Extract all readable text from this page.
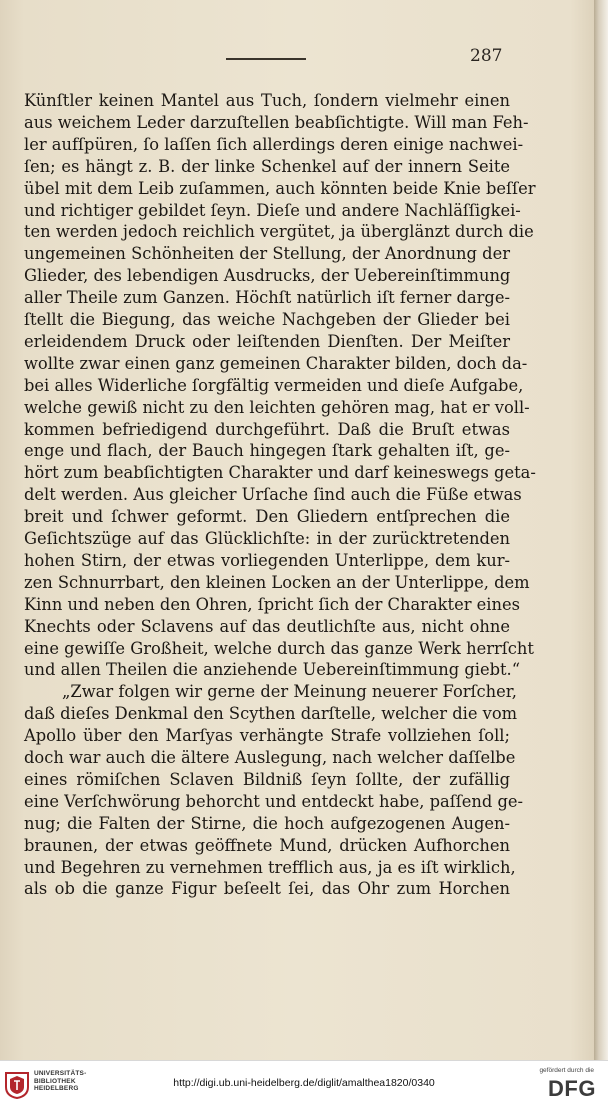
287
Künſtler keinen Mantel aus Tuch, ſondern vielmehr einen
aus weichem Leder darzuſtellen beabſichtigte. Will man Feh-
ler aufſpüren, ſo laſſen ſich allerdings deren einige nachwei-
ſen; es hängt z. B. der linke Schenkel auf der innern Seite
übel mit dem Leib zuſammen, auch könnten beide Knie beſſer
und richtiger gebildet ſeyn. Dieſe und andere Nachläſſigkei-
ten werden jedoch reichlich vergütet, ja überglänzt durch die
ungemeinen Schönheiten der Stellung, der Anordnung der
Glieder, des lebendigen Ausdrucks, der Uebereinſtimmung
aller Theile zum Ganzen. Höchſt natürlich iſt ferner darge-
ſtellt die Biegung, das weiche Nachgeben der Glieder bei
erleidendem Druck oder leiſtenden Dienſten. Der Meiſter
wollte zwar einen ganz gemeinen Charakter bilden, doch da-
bei alles Widerliche ſorgfältig vermeiden und dieſe Aufgabe,
welche gewiß nicht zu den leichten gehören mag, hat er voll-
kommen befriedigend durchgeführt. Daß die Bruſt etwas
enge und flach, der Bauch hingegen ſtark gehalten iſt, ge-
hört zum beabſichtigten Charakter und darf keineswegs geta-
delt werden. Aus gleicher Urſache ſind auch die Füße etwas
breit und ſchwer geformt. Den Gliedern entſprechen die
Geſichtszüge auf das Glücklichſte: in der zurücktretenden
hohen Stirn, der etwas vorliegenden Unterlippe, dem kur-
zen Schnurrbart, den kleinen Locken an der Unterlippe, dem
Kinn und neben den Ohren, ſpricht ſich der Charakter eines
Knechts oder Sclavens auf das deutlichſte aus, nicht ohne
eine gewiſſe Großheit, welche durch das ganze Werk herrſcht
und allen Theilen die anziehende Uebereinſtimmung giebt.“
„Zwar folgen wir gerne der Meinung neuerer Forſcher,
daß dieſes Denkmal den Scythen darſtelle, welcher die vom
Apollo über den Marſyas verhängte Strafe vollziehen ſoll;
doch war auch die ältere Auslegung, nach welcher daſſelbe
eines römiſchen Sclaven Bildniß ſeyn ſollte, der zufällig
eine Verſchwörung behorcht und entdeckt habe, paſſend ge-
nug; die Falten der Stirne, die hoch aufgezogenen Augen-
braunen, der etwas geöffnete Mund, drücken Aufhorchen
und Begehren zu vernehmen trefflich aus, ja es iſt wirklich,
als ob die ganze Figur beſeelt ſei, das Ohr zum Horchen
UNIVERSITÄTS-
BIBLIOTHEK
HEIDELBERG	http://digi.ub.uni-heidelberg.de/diglit/amalthea1820/0340
gefördert durch die
DFG
